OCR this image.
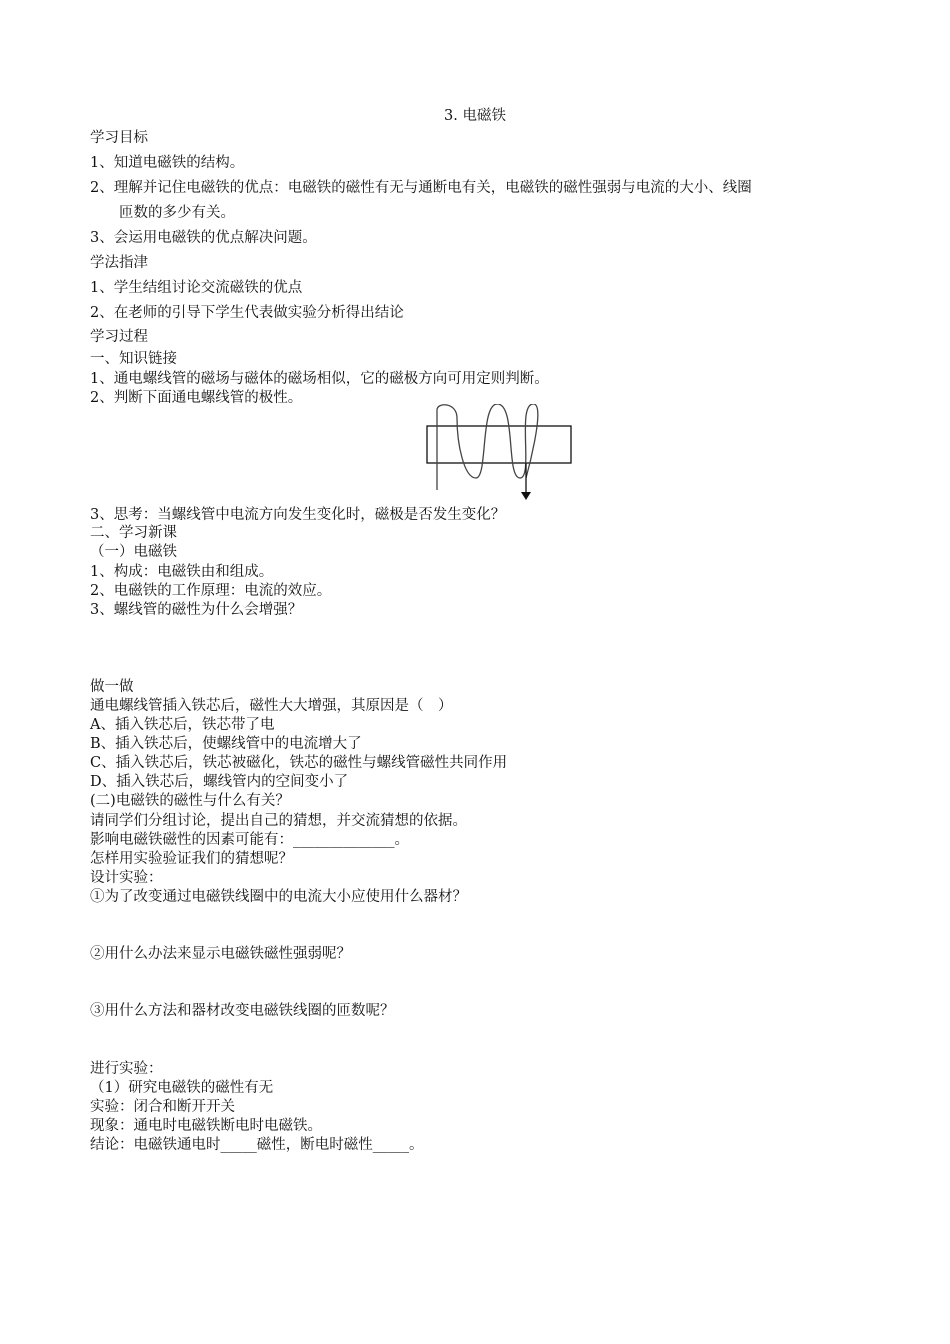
3. 电磁铁
学习目标
1、知道电磁铁的结构。
2、理解并记住电磁铁的优点：电磁铁的磁性有无与通断电有关，电磁铁的磁性强弱与电流的大小、线圈
匝数的多少有关。
3、会运用电磁铁的优点解决问题。
学法指津
1、学生结组讨论交流磁铁的优点
2、在老师的引导下学生代表做实验分析得出结论
学习过程
一、知识链接
1、通电螺线管的磁场与磁体的磁场相似，它的磁极方向可用定则判断。
2、判断下面通电螺线管的极性。
3、思考：当螺线管中电流方向发生变化时，磁极是否发生变化？
二、学习新课
（一）电磁铁
1、构成：电磁铁由和组成。
2、电磁铁的工作原理：电流的效应。
3、螺线管的磁性为什么会增强？
做一做
通电螺线管插入铁芯后，磁性大大增强，其原因是（　）
A、插入铁芯后，铁芯带了电
B、插入铁芯后，使螺线管中的电流增大了
C、插入铁芯后，铁芯被磁化，铁芯的磁性与螺线管磁性共同作用
D、插入铁芯后，螺线管内的空间变小了
(二)电磁铁的磁性与什么有关？
请同学们分组讨论，提出自己的猜想，并交流猜想的依据。
影响电磁铁磁性的因素可能有：______________。
怎样用实验验证我们的猜想呢？
设计实验：
①为了改变通过电磁铁线圈中的电流大小应使用什么器材？
②用什么办法来显示电磁铁磁性强弱呢？
③用什么方法和器材改变电磁铁线圈的匝数呢？
进行实验：
（1）研究电磁铁的磁性有无
实验：闭合和断开开关
现象：通电时电磁铁断电时电磁铁。
结论：电磁铁通电时_____磁性，断电时磁性_____。
